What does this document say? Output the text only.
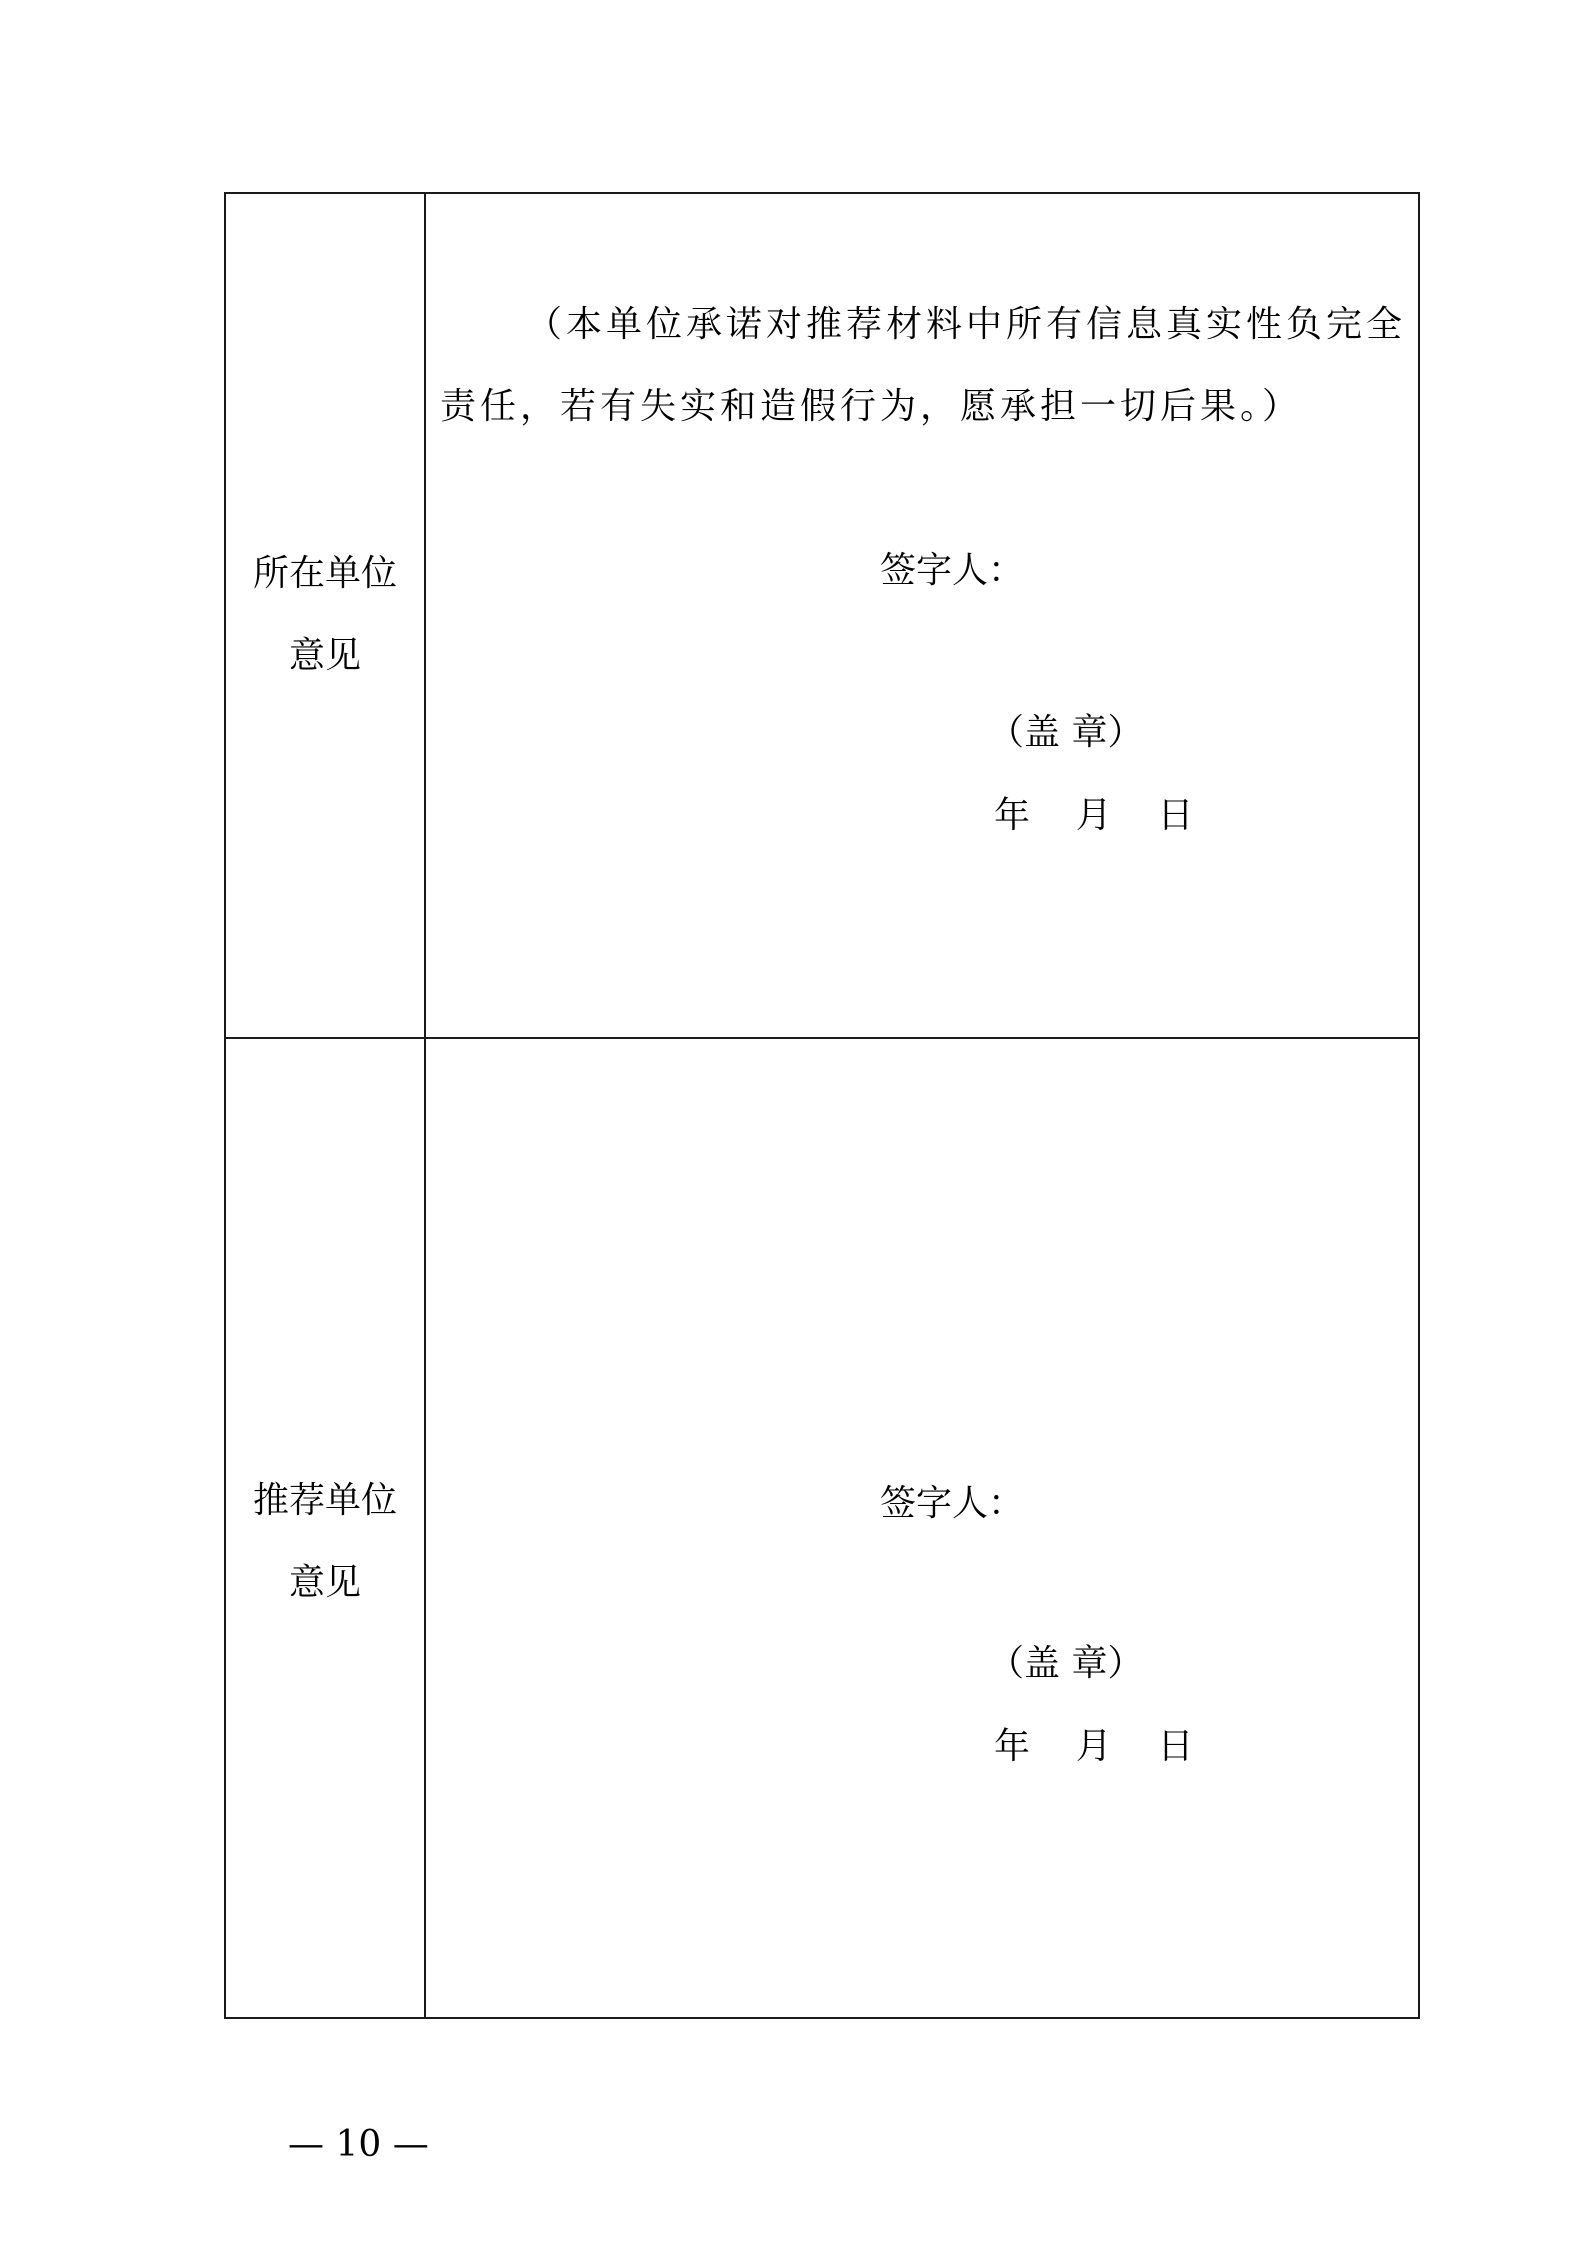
所在单位
意见

（本单位承诺对推荐材料中所有信息真实性负完全责任，若有失实和造假行为，愿承担一切后果。）

签字人：
（盖 章）
年    月    日
推荐单位
意见
签字人：
（盖 章）
年    月    日
— 10 —
